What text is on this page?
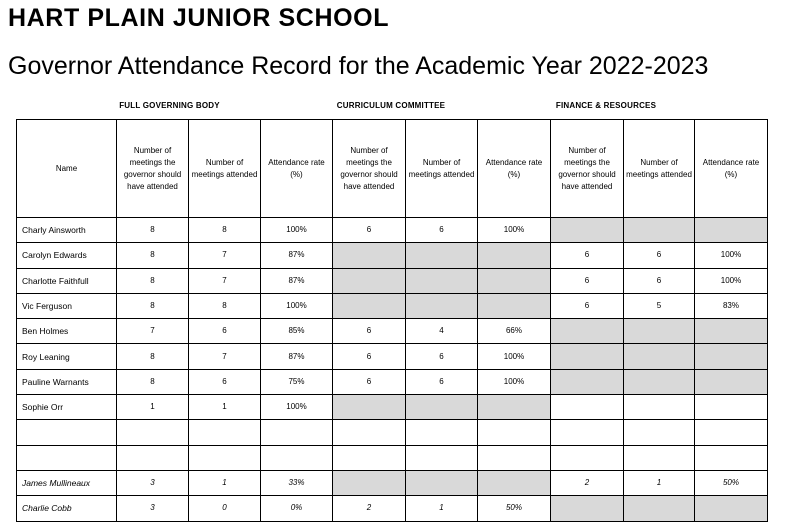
HART PLAIN JUNIOR SCHOOL
Governor Attendance Record for the Academic Year 2022-2023
FULL GOVERNING BODY	CURRICULUM COMMITTEE	FINANCE & RESOURCES
Name	Number of meetings the governor should have attended	Number of meetings attended	Attendance rate (%)	Number of meetings the governor should have attended	Number of meetings attended	Attendance rate (%)	Number of meetings the governor should have attended	Number of meetings attended	Attendance rate (%)

Charly Ainsworth	8	8	100%	6	6	100%			
Carolyn Edwards	8	7	87%				6	6	100%
Charlotte Faithfull	8	7	87%				6	6	100%
Vic Ferguson	8	8	100%				6	5	83%
Ben Holmes	7	6	85%	6	4	66%			
Roy Leaning	8	7	87%	6	6	100%			
Pauline Warnants	8	6	75%	6	6	100%			
Sophie Orr	1	1	100%						

James Mullineaux	3	1	33%				2	1	50%
Charlie Cobb	3	0	0%	2	1	50%			
